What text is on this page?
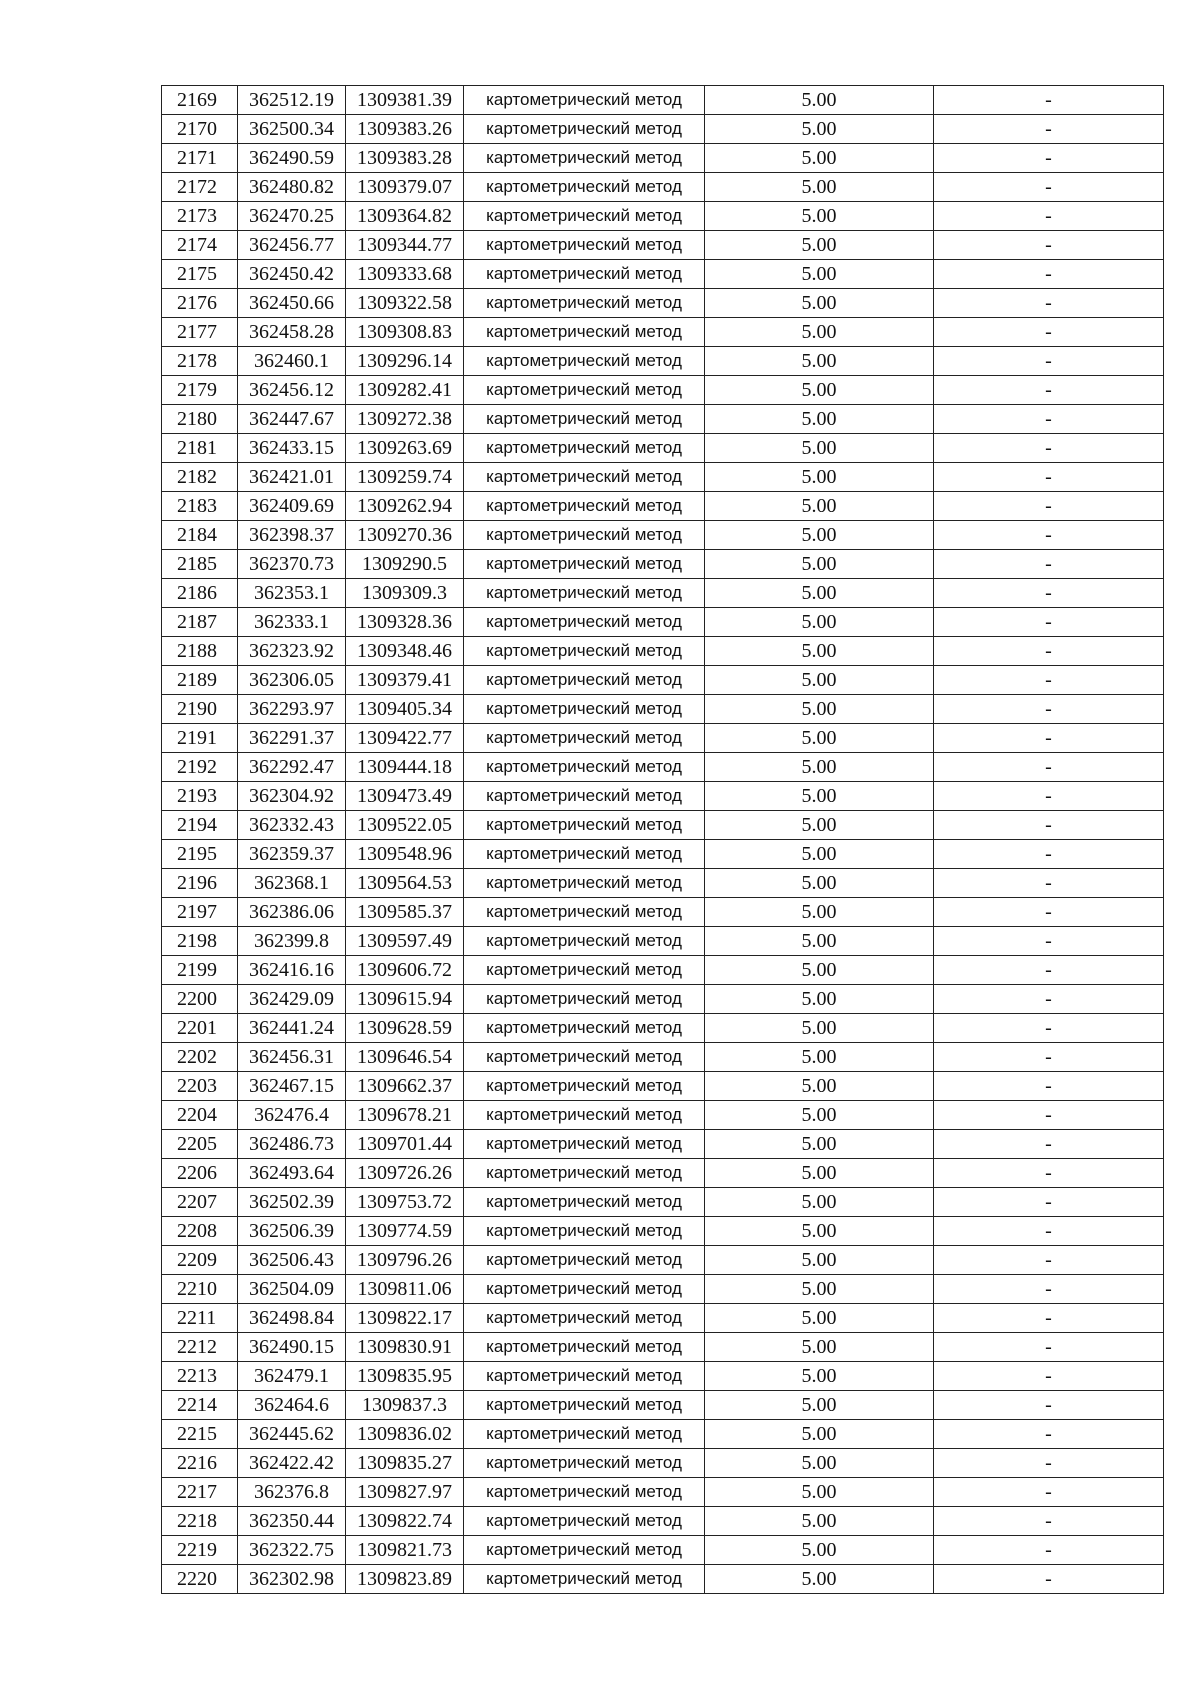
2169	362512.19	1309381.39	картометрический метод	5.00	-
2170	362500.34	1309383.26	картометрический метод	5.00	-
2171	362490.59	1309383.28	картометрический метод	5.00	-
2172	362480.82	1309379.07	картометрический метод	5.00	-
2173	362470.25	1309364.82	картометрический метод	5.00	-
2174	362456.77	1309344.77	картометрический метод	5.00	-
2175	362450.42	1309333.68	картометрический метод	5.00	-
2176	362450.66	1309322.58	картометрический метод	5.00	-
2177	362458.28	1309308.83	картометрический метод	5.00	-
2178	362460.1	1309296.14	картометрический метод	5.00	-
2179	362456.12	1309282.41	картометрический метод	5.00	-
2180	362447.67	1309272.38	картометрический метод	5.00	-
2181	362433.15	1309263.69	картометрический метод	5.00	-
2182	362421.01	1309259.74	картометрический метод	5.00	-
2183	362409.69	1309262.94	картометрический метод	5.00	-
2184	362398.37	1309270.36	картометрический метод	5.00	-
2185	362370.73	1309290.5	картометрический метод	5.00	-
2186	362353.1	1309309.3	картометрический метод	5.00	-
2187	362333.1	1309328.36	картометрический метод	5.00	-
2188	362323.92	1309348.46	картометрический метод	5.00	-
2189	362306.05	1309379.41	картометрический метод	5.00	-
2190	362293.97	1309405.34	картометрический метод	5.00	-
2191	362291.37	1309422.77	картометрический метод	5.00	-
2192	362292.47	1309444.18	картометрический метод	5.00	-
2193	362304.92	1309473.49	картометрический метод	5.00	-
2194	362332.43	1309522.05	картометрический метод	5.00	-
2195	362359.37	1309548.96	картометрический метод	5.00	-
2196	362368.1	1309564.53	картометрический метод	5.00	-
2197	362386.06	1309585.37	картометрический метод	5.00	-
2198	362399.8	1309597.49	картометрический метод	5.00	-
2199	362416.16	1309606.72	картометрический метод	5.00	-
2200	362429.09	1309615.94	картометрический метод	5.00	-
2201	362441.24	1309628.59	картометрический метод	5.00	-
2202	362456.31	1309646.54	картометрический метод	5.00	-
2203	362467.15	1309662.37	картометрический метод	5.00	-
2204	362476.4	1309678.21	картометрический метод	5.00	-
2205	362486.73	1309701.44	картометрический метод	5.00	-
2206	362493.64	1309726.26	картометрический метод	5.00	-
2207	362502.39	1309753.72	картометрический метод	5.00	-
2208	362506.39	1309774.59	картометрический метод	5.00	-
2209	362506.43	1309796.26	картометрический метод	5.00	-
2210	362504.09	1309811.06	картометрический метод	5.00	-
2211	362498.84	1309822.17	картометрический метод	5.00	-
2212	362490.15	1309830.91	картометрический метод	5.00	-
2213	362479.1	1309835.95	картометрический метод	5.00	-
2214	362464.6	1309837.3	картометрический метод	5.00	-
2215	362445.62	1309836.02	картометрический метод	5.00	-
2216	362422.42	1309835.27	картометрический метод	5.00	-
2217	362376.8	1309827.97	картометрический метод	5.00	-
2218	362350.44	1309822.74	картометрический метод	5.00	-
2219	362322.75	1309821.73	картометрический метод	5.00	-
2220	362302.98	1309823.89	картометрический метод	5.00	-
